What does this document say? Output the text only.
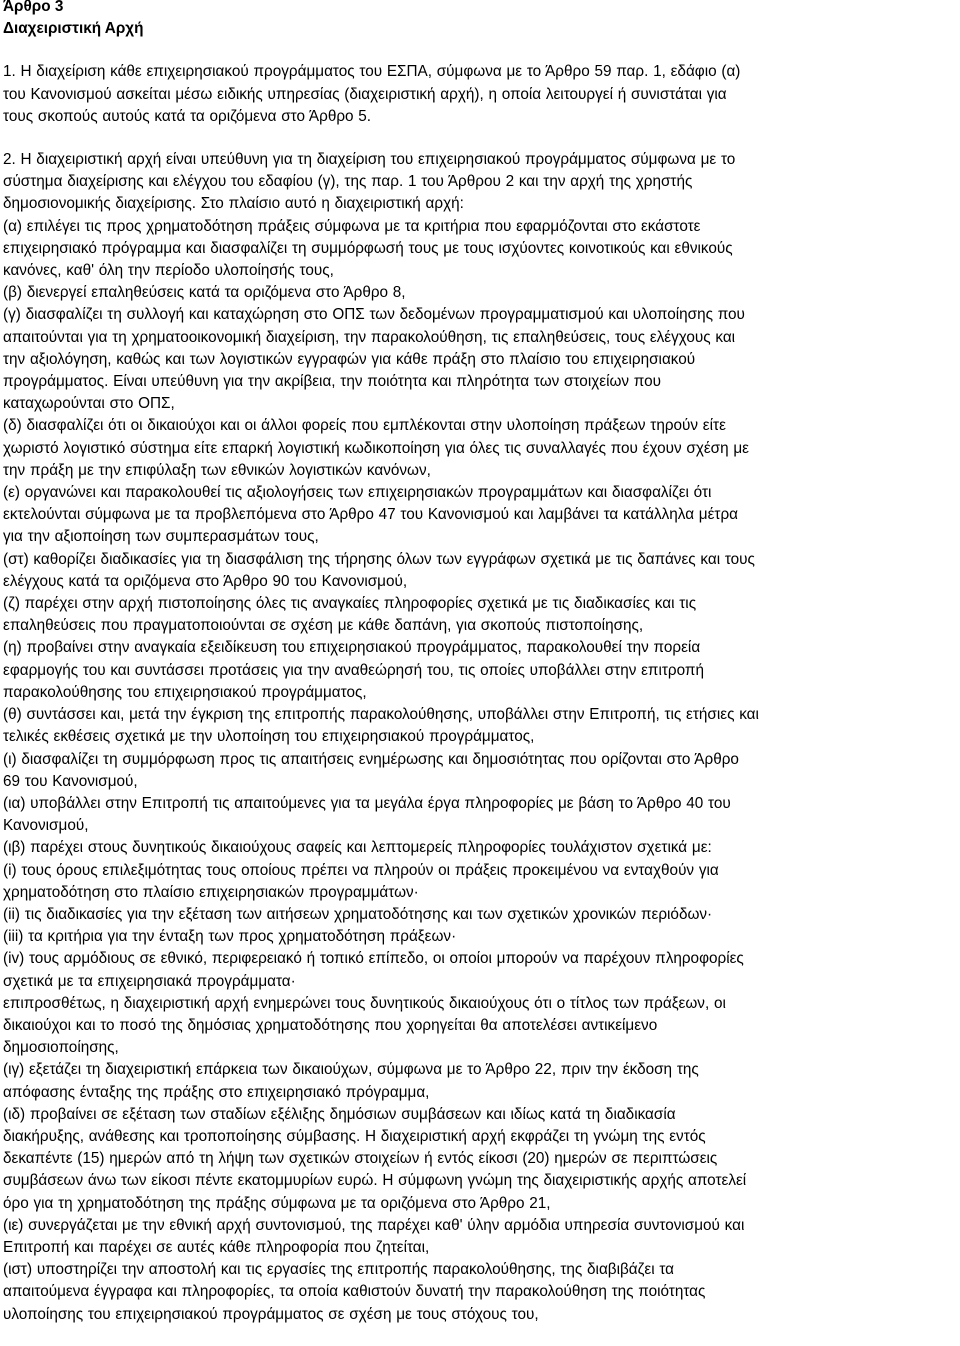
Άρθρο 3
Διαχειριστική Αρχή
1. Η διαχείριση κάθε επιχειρησιακού προγράμματος του ΕΣΠΑ, σύμφωνα με το Άρθρο 59 παρ. 1, εδάφιο (α)
του Κανονισμού ασκείται μέσω ειδικής υπηρεσίας (διαχειριστική αρχή), η οποία λειτουργεί ή συνιστάται για
τους σκοπούς αυτούς κατά τα οριζόμενα στο Άρθρο 5.
2. Η διαχειριστική αρχή είναι υπεύθυνη για τη διαχείριση του επιχειρησιακού προγράμματος σύμφωνα με το
σύστημα διαχείρισης και ελέγχου του εδαφίου (γ), της παρ. 1 του Άρθρου 2 και την αρχή της χρηστής
δημοσιονομικής διαχείρισης. Στο πλαίσιο αυτό η διαχειριστική αρχή:
(α) επιλέγει τις προς χρηματοδότηση πράξεις σύμφωνα με τα κριτήρια που εφαρμόζονται στο εκάστοτε
επιχειρησιακό πρόγραμμα και διασφαλίζει τη συμμόρφωσή τους με τους ισχύοντες κοινοτικούς και εθνικούς
κανόνες, καθ' όλη την περίοδο υλοποίησής τους,
(β) διενεργεί επαληθεύσεις κατά τα οριζόμενα στο Άρθρο 8,
(γ) διασφαλίζει τη συλλογή και καταχώρηση στο ΟΠΣ των δεδομένων προγραμματισμού και υλοποίησης που
απαιτούνται για τη χρηματοοικονομική διαχείριση, την παρακολούθηση, τις επαληθεύσεις, τους ελέγχους και
την αξιολόγηση, καθώς και των λογιστικών εγγραφών για κάθε πράξη στο πλαίσιο του επιχειρησιακού
προγράμματος. Είναι υπεύθυνη για την ακρίβεια, την ποιότητα και πληρότητα των στοιχείων που
καταχωρούνται στο ΟΠΣ,
(δ) διασφαλίζει ότι οι δικαιούχοι και οι άλλοι φορείς που εμπλέκονται στην υλοποίηση πράξεων τηρούν είτε
χωριστό λογιστικό σύστημα είτε επαρκή λογιστική κωδικοποίηση για όλες τις συναλλαγές που έχουν σχέση με
την πράξη με την επιφύλαξη των εθνικών λογιστικών κανόνων,
(ε) οργανώνει και παρακολουθεί τις αξιολογήσεις των επιχειρησιακών προγραμμάτων και διασφαλίζει ότι
εκτελούνται σύμφωνα με τα προβλεπόμενα στο Άρθρο 47 του Κανονισμού και λαμβάνει τα κατάλληλα μέτρα
για την αξιοποίηση των συμπερασμάτων τους,
(στ) καθορίζει διαδικασίες για τη διασφάλιση της τήρησης όλων των εγγράφων σχετικά με τις δαπάνες και τους
ελέγχους κατά τα οριζόμενα στο Άρθρο 90 του Κανονισμού,
(ζ) παρέχει στην αρχή πιστοποίησης όλες τις αναγκαίες πληροφορίες σχετικά με τις διαδικασίες και τις
επαληθεύσεις που πραγματοποιούνται σε σχέση με κάθε δαπάνη, για σκοπούς πιστοποίησης,
(η) προβαίνει στην αναγκαία εξειδίκευση του επιχειρησιακού προγράμματος, παρακολουθεί την πορεία
εφαρμογής του και συντάσσει προτάσεις για την αναθεώρησή του, τις οποίες υποβάλλει στην επιτροπή
παρακολούθησης του επιχειρησιακού προγράμματος,
(θ) συντάσσει και, μετά την έγκριση της επιτροπής παρακολούθησης, υποβάλλει στην Επιτροπή, τις ετήσιες και
τελικές εκθέσεις σχετικά με την υλοποίηση του επιχειρησιακού προγράμματος,
(ι) διασφαλίζει τη συμμόρφωση προς τις απαιτήσεις ενημέρωσης και δημοσιότητας που ορίζονται στο Άρθρο
69 του Κανονισμού,
(ια) υποβάλλει στην Επιτροπή τις απαιτούμενες για τα μεγάλα έργα πληροφορίες με βάση το Άρθρο 40 του
Κανονισμού,
(ιβ) παρέχει στους δυνητικούς δικαιούχους σαφείς και λεπτομερείς πληροφορίες τουλάχιστον σχετικά με:
(i) τους όρους επιλεξιμότητας τους οποίους πρέπει να πληρούν οι πράξεις προκειμένου να ενταχθούν για
χρηματοδότηση στο πλαίσιο επιχειρησιακών προγραμμάτων·
(ii) τις διαδικασίες για την εξέταση των αιτήσεων χρηματοδότησης και των σχετικών χρονικών περιόδων·
(iii) τα κριτήρια για την ένταξη των προς χρηματοδότηση πράξεων·
(iv) τους αρμόδιους σε εθνικό, περιφερειακό ή τοπικό επίπεδο, οι οποίοι μπορούν να παρέχουν πληροφορίες
σχετικά με τα επιχειρησιακά προγράμματα·
επιπροσθέτως, η διαχειριστική αρχή ενημερώνει τους δυνητικούς δικαιούχους ότι ο τίτλος των πράξεων, οι
δικαιούχοι και το ποσό της δημόσιας χρηματοδότησης που χορηγείται θα αποτελέσει αντικείμενο
δημοσιοποίησης,
(ιγ) εξετάζει τη διαχειριστική επάρκεια των δικαιούχων, σύμφωνα με το Άρθρο 22, πριν την έκδοση της
απόφασης ένταξης της πράξης στο επιχειρησιακό πρόγραμμα,
(ιδ) προβαίνει σε εξέταση των σταδίων εξέλιξης δημόσιων συμβάσεων και ιδίως κατά τη διαδικασία
διακήρυξης, ανάθεσης και τροποποίησης σύμβασης. Η διαχειριστική αρχή εκφράζει τη γνώμη της εντός
δεκαπέντε (15) ημερών από τη λήψη των σχετικών στοιχείων ή εντός είκοσι (20) ημερών σε περιπτώσεις
συμβάσεων άνω των είκοσι πέντε εκατομμυρίων ευρώ. Η σύμφωνη γνώμη της διαχειριστικής αρχής αποτελεί
όρο για τη χρηματοδότηση της πράξης σύμφωνα με τα οριζόμενα στο Άρθρο 21,
(ιε) συνεργάζεται με την εθνική αρχή συντονισμού, της παρέχει καθ' ύλην αρμόδια υπηρεσία συντονισμού και
Επιτροπή και παρέχει σε αυτές κάθε πληροφορία που ζητείται,
(ιστ) υποστηρίζει την αποστολή και τις εργασίες της επιτροπής παρακολούθησης, της διαβιβάζει τα
απαιτούμενα έγγραφα και πληροφορίες, τα οποία καθιστούν δυνατή την παρακολούθηση της ποιότητας
υλοποίησης του επιχειρησιακού προγράμματος σε σχέση με τους στόχους του,
